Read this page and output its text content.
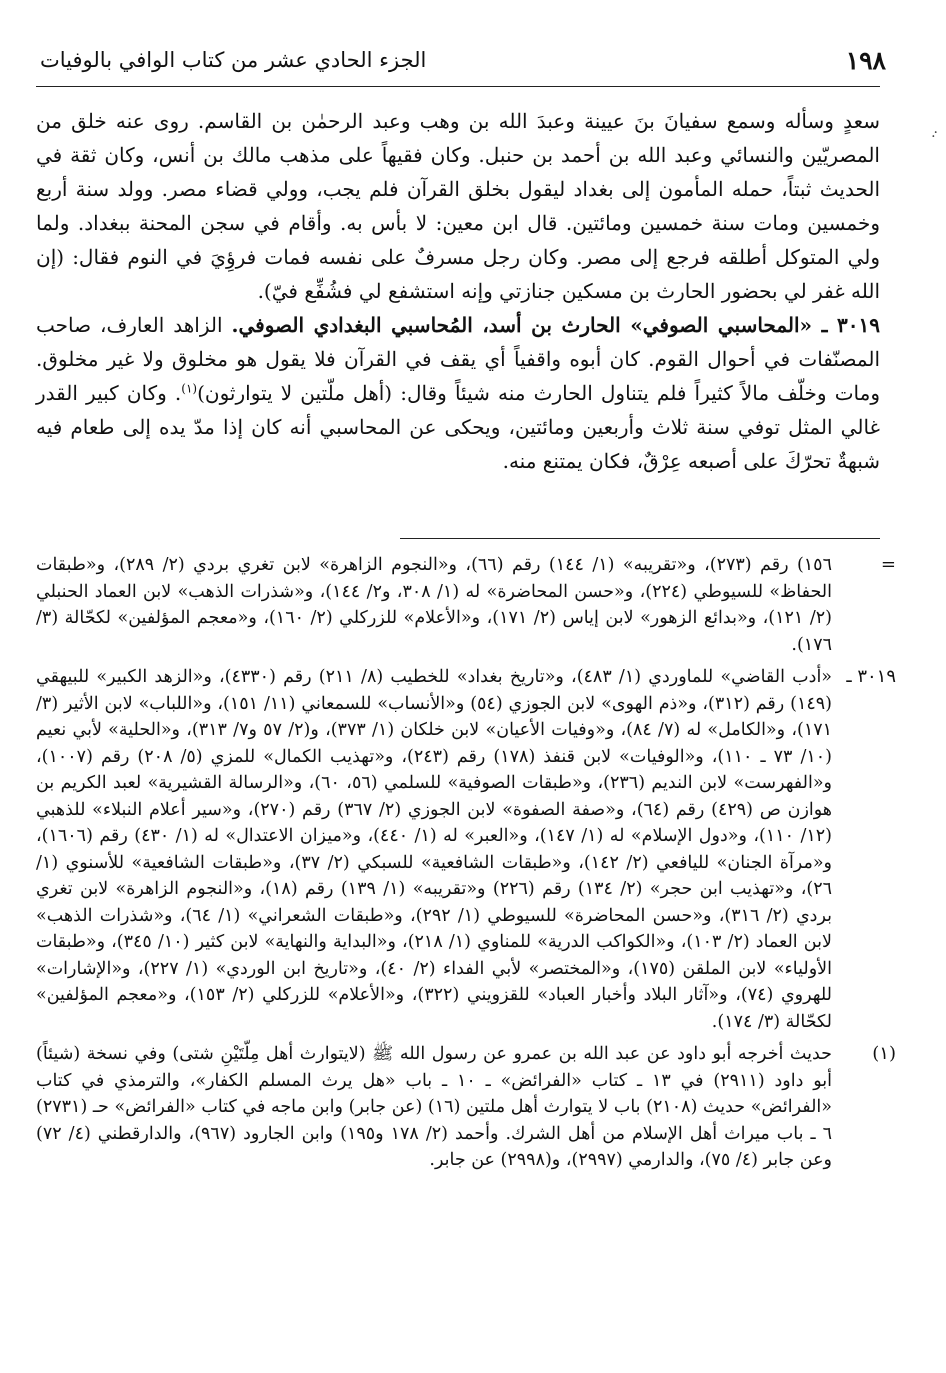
١٩٨
الجزء الحادي عشر من كتاب الوافي بالوفيات
·.

سعدٍ وسأله وسمع سفيانَ بنَ عيينة وعبدَ الله بن وهب وعبد الرحمٰن بن القاسم. روى عنه خلق من المصريّين والنسائي وعبد الله بن أحمد بن حنبل. وكان فقيهاً على مذهب مالك بن أنس، وكان ثقة في الحديث ثبتاً، حمله المأمون إلى بغداد ليقول بخلق القرآن فلم يجب، وولي قضاء مصر. وولد سنة أربع وخمسين ومات سنة خمسين ومائتين. قال ابن معين: لا بأس به. وأقام في سجن المحنة ببغداد. ولما ولي المتوكل أطلقه فرجع إلى مصر. وكان رجل مسرفٌ على نفسه فمات فرؤِيَ في النوم فقال: (إن الله غفر لي بحضور الحارث بن مسكين جنازتي وإنه استشفع لي فشُفِّع فيّ).

٣٠١٩ ـ «المحاسبي الصوفي» الحارث بن أسد، المُحاسبي البغدادي الصوفي. الزاهد العارف، صاحب المصنّفات في أحوال القوم. كان أبوه واقفياً أي يقف في القرآن فلا يقول هو مخلوق ولا غير مخلوق. ومات وخلّف مالاً كثيراً فلم يتناول الحارث منه شيئاً وقال: (أهل ملّتين لا يتوارثون)$^{(١)}$. وكان كبير القدر غالي المثل توفي سنة ثلاث وأربعين ومائتين، ويحكى عن المحاسبي أنه كان إذا مدّ يده إلى طعام فيه شبهةٌ تحرّكَ على أصبعه عِرْقٌ، فكان يمتنع منه.

=
١٥٦) رقم (٢٧٣)، و«تقريبه» (١/ ١٤٤) رقم (٦٦)، و«النجوم الزاهرة» لابن تغري بردي (٢/ ٢٨٩)، و«طبقات الحفاظ» للسيوطي (٢٢٤)، و«حسن المحاضرة» له (١/ ٣٠٨، و٢/ ١٤٤)، و«شذرات الذهب» لابن العماد الحنبلي (٢/ ١٢١)، و«بدائع الزهور» لابن إياس (٢/ ١٧١)، و«الأعلام» للزركلي (٢/ ١٦٠)، و«معجم المؤلفين» لكحّالة (٣/ ١٧٦).
٣٠١٩ ـ
«أدب القاضي» للماوردي (١/ ٤٨٣)، و«تاريخ بغداد» للخطيب (٨/ ٢١١) رقم (٤٣٣٠)، و«الزهد الكبير» للبيهقي (١٤٩) رقم (٣١٢)، و«ذم الهوى» لابن الجوزي (٥٤) و«الأنساب» للسمعاني (١١/ ١٥١)، و«اللباب» لابن الأثير (٣/ ١٧١)، و«الكامل» له (٧/ ٨٤)، و«وفيات الأعيان» لابن خلكان (١/ ٣٧٣)، و(٢/ ٥٧ و٧/ ٣١٣)، و«الحلية» لأبي نعيم (١٠/ ٧٣ ـ ١١٠)، و«الوفيات» لابن قنفذ (١٧٨) رقم (٢٤٣)، و«تهذيب الكمال» للمزي (٥/ ٢٠٨) رقم (١٠٠٧)، و«الفهرست» لابن النديم (٢٣٦)، و«طبقات الصوفية» للسلمي (٥٦، ٦٠)، و«الرسالة القشيرية» لعبد الكريم بن هوازن ص (٤٢٩) رقم (٦٤)، و«صفة الصفوة» لابن الجوزي (٢/ ٣٦٧) رقم (٢٧٠)، و«سير أعلام النبلاء» للذهبي (١٢/ ١١٠)، و«دول الإسلام» له (١/ ١٤٧)، و«العبر» له (١/ ٤٤٠)، و«ميزان الاعتدال» له (١/ ٤٣٠) رقم (١٦٠٦)، و«مرآة الجنان» لليافعي (٢/ ١٤٢)، و«طبقات الشافعية» للسبكي (٢/ ٣٧)، و«طبقات الشافعية» للأسنوي (١/ ٢٦)، و«تهذيب ابن حجر» (٢/ ١٣٤) رقم (٢٢٦) و«تقريبه» (١/ ١٣٩) رقم (١٨)، و«النجوم الزاهرة» لابن تغري بردي (٢/ ٣١٦)، و«حسن المحاضرة» للسيوطي (١/ ٢٩٢)، و«طبقات الشعراني» (١/ ٦٤)، و«شذرات الذهب» لابن العماد (٢/ ١٠٣)، و«الكواكب الدرية» للمناوي (١/ ٢١٨)، و«البداية والنهاية» لابن كثير (١٠/ ٣٤٥)، و«طبقات الأولياء» لابن الملقن (١٧٥)، و«المختصر» لأبي الفداء (٢/ ٤٠)، و«تاريخ ابن الوردي» (١/ ٢٢٧)، و«الإشارات» للهروي (٧٤)، و«آثار البلاد وأخبار العباد» للقزويني (٣٢٢)، و«الأعلام» للزركلي (٢/ ١٥٣)، و«معجم المؤلفين» لكحّالة (٣/ ١٧٤).
(١)
حديث أخرجه أبو داود عن عبد الله بن عمرو عن رسول الله ﷺ (لايتوارث أهل مِلّتَيْنِ شتى) وفي نسخة (شيئاً) أبو داود (٢٩١١) في ١٣ ـ كتاب «الفرائض» ـ ١٠ ـ باب «هل يرث المسلم الكفار»، والترمذي في كتاب «الفرائض» حديث (٢١٠٨) باب لا يتوارث أهل ملتين (١٦) (عن جابر) وابن ماجه في كتاب «الفرائض» حـ (٢٧٣١) ٦ ـ باب ميراث أهل الإسلام من أهل الشرك. وأحمد (٢/ ١٧٨ و١٩٥) وابن الجارود (٩٦٧)، والدارقطني (٤/ ٧٢) وعن جابر (٤/ ٧٥)، والدارمي (٢٩٩٧)، و(٢٩٩٨) عن جابر.
